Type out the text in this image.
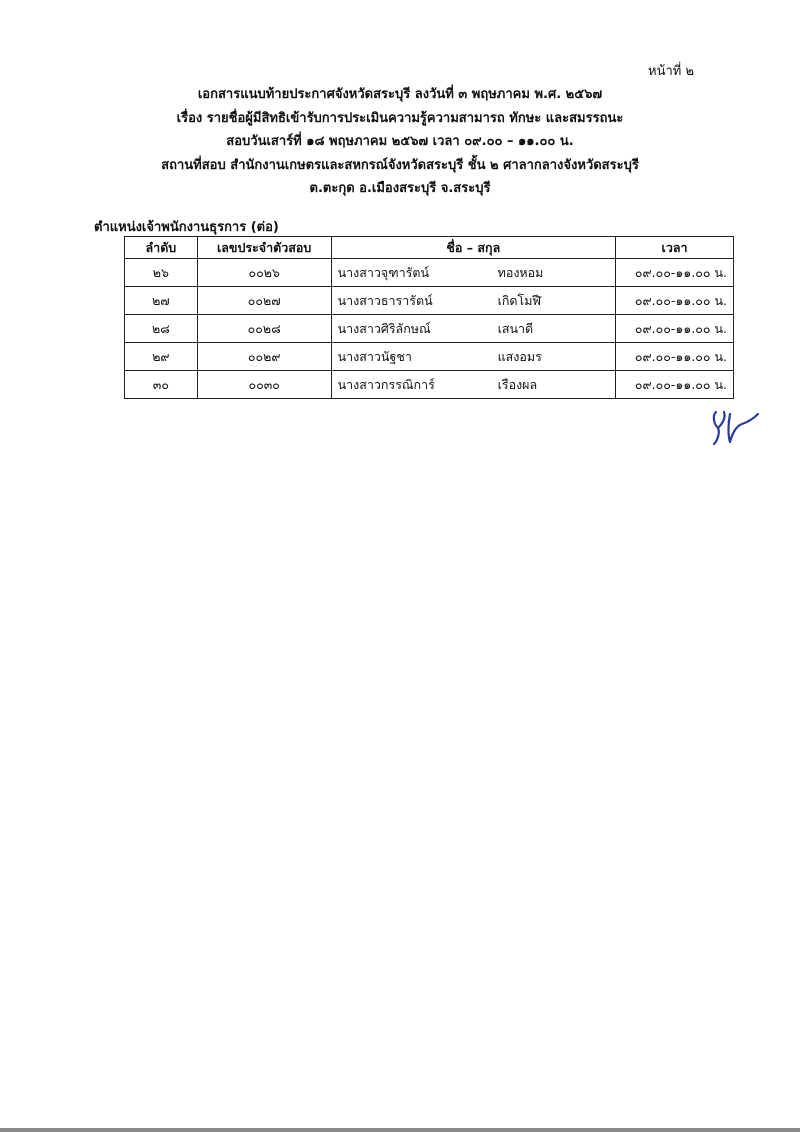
หน้าที่ ๒
เอกสารแนบท้ายประกาศจังหวัดสระบุรี ลงวันที่ ๓ พฤษภาคม พ.ศ. ๒๕๖๗
เรื่อง รายชื่อผู้มีสิทธิเข้ารับการประเมินความรู้ความสามารถ ทักษะ และสมรรถนะ
สอบวันเสาร์ที่ ๑๘ พฤษภาคม ๒๕๖๗ เวลา ๐๙.๐๐ – ๑๑.๐๐ น.
สถานที่สอบ สำนักงานเกษตรและสหกรณ์จังหวัดสระบุรี ชั้น ๒ ศาลากลางจังหวัดสระบุรี
ต.ตะกุด อ.เมืองสระบุรี จ.สระบุรี
ตำแหน่งเจ้าพนักงานธุรการ (ต่อ)
ลำดับ	เลขประจำตัวสอบ	ชื่อ – สกุล	เวลา
๒๖	๐๐๒๖	นางสาวจุฑารัตน์ ทองหอม	๐๙.๐๐-๑๑.๐๐ น.
๒๗	๐๐๒๗	นางสาวธารารัตน์ เกิดโมฬี	๐๙.๐๐-๑๑.๐๐ น.
๒๘	๐๐๒๘	นางสาวศิริลักษณ์ เสนาดี	๐๙.๐๐-๑๑.๐๐ น.
๒๙	๐๐๒๙	นางสาวนัฐชา แสงอมร	๐๙.๐๐-๑๑.๐๐ น.
๓๐	๐๐๓๐	นางสาวกรรณิการ์ เรืองผล	๐๙.๐๐-๑๑.๐๐ น.
